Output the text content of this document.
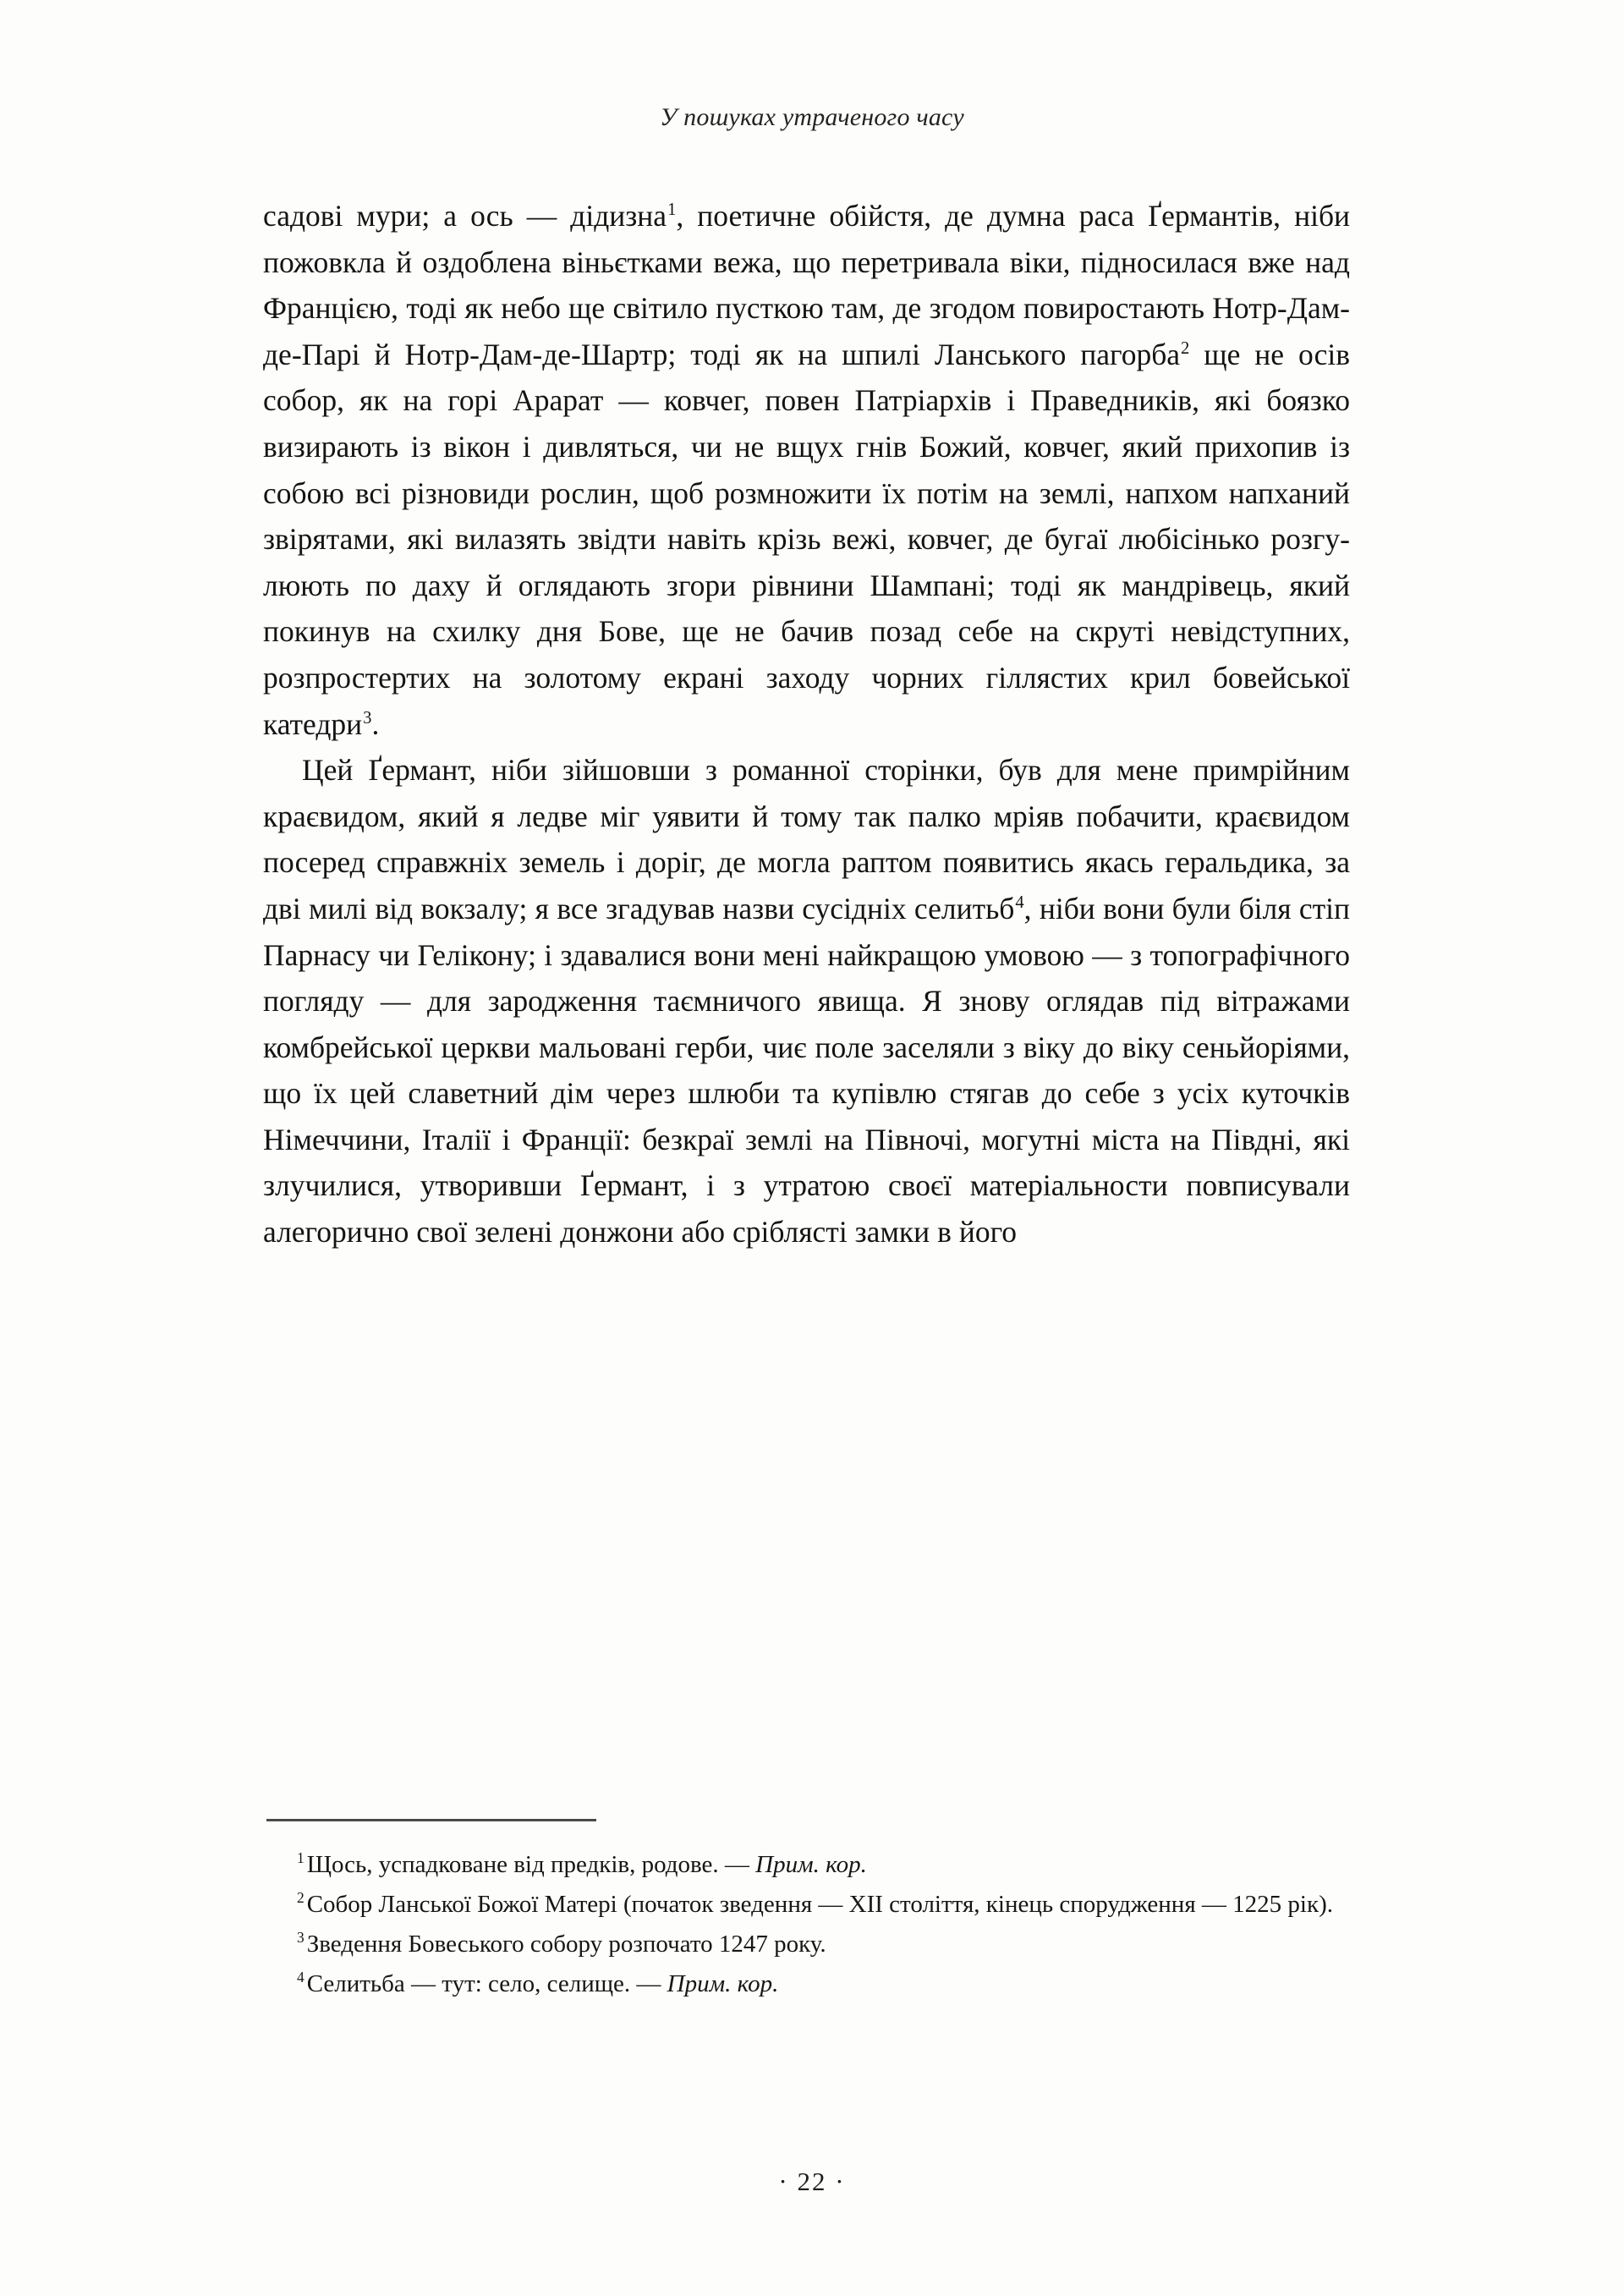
У пошуках утраченого часу

садові мури; а ось — дідизна$^1$, поетичне обійстя, де думна раса Ґермантів, ніби пожовкла й оздоблена віньєтками вежа, що перетривала віки, підносилася вже над Францією, тоді як небо ще світило пусткою там, де згодом повиростають Нотр-Дам-де-Парі й Нотр-Дам-де-Шартр; тоді як на шпилі Ланського пагорба$^2$ ще не осів собор, як на горі Арарат — ковчег, повен Патріархів і Праведників, які боязко визирають із вікон і дивляться, чи не вщух гнів Божий, ковчег, який прихопив із собою всі різновиди рослин, щоб розмножити їх потім на землі, напхом напханий звірятами, які вилазять звідти навіть крізь вежі, ковчег, де бугаї любісінько розгулюють по даху й оглядають згори рівнини Шампані; тоді як мандрівець, який покинув на схилку дня Бове, ще не бачив позад себе на скруті невідступних, розпростертих на золотому екрані заходу чорних гіллястих крил бовейської катедри$^3$.

Цей Ґермант, ніби зійшовши з романної сторінки, був для мене примрійним краєвидом, який я ледве міг уявити й тому так палко мріяв побачити, краєвидом посеред справжніх земель і доріг, де могла раптом появитись якась геральдика, за дві милі від вокзалу; я все згадував назви сусідніх селитьб$^4$, ніби вони були біля стіп Парнасу чи Гелікону; і здавалися вони мені найкращою умовою — з топографічного погляду — для зародження таємничого явища. Я знову оглядав під вітражами комбрейської церкви мальовані герби, чиє поле заселяли з віку до віку сеньйоріями, що їх цей славетний дім через шлюби та купівлю стягав до себе з усіх куточків Німеччини, Італії і Франції: безкраї землі на Півночі, могутні міста на Півдні, які злучилися, утворивши Ґермант, і з утратою своєї матеріальности повписували алегорично свої зелені донжони або сріблясті замки в його

$^1$ Щось, успадковане від предків, родове. — Прим. кор.

$^2$ Собор Ланської Божої Матері (початок зведення — XII століття, кінець спорудження — 1225 рік).

$^3$ Зведення Бовеського собору розпочато 1247 року.

$^4$ Селитьба — тут: село, селище. — Прим. кор.

· 22 ·
